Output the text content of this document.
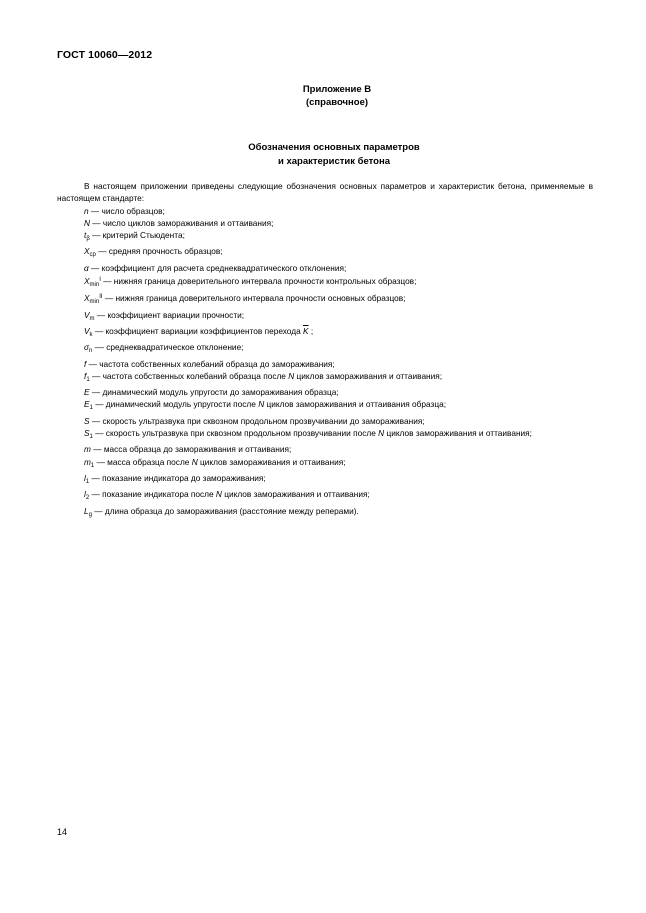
ГОСТ 10060—2012
Приложение В
(справочное)
Обозначения основных параметров
и характеристик бетона

В настоящем приложении приведены следующие обозначения основных параметров и характеристик бетона, применяемые в настоящем стандарте:

n — число образцов;
N — число циклов замораживания и оттаивания;
$t_\beta$ — критерий Стьюдента;
$X_{ср}$ — средняя прочность образцов;
α — коэффициент для расчета среднеквадратического отклонения;
$X_{min}^I$ — нижняя граница доверительного интервала прочности контрольных образцов;
$X_{min}^{II}$ — нижняя граница доверительного интервала прочности основных образцов;
$V_m$ — коэффициент вариации прочности;
$V_k$ — коэффициент вариации коэффициентов перехода $\overline{K}$ ;
$\sigma_n$ –– среднеквадратическое отклонение;
f — частота собственных колебаний образца до замораживания;
$f_1$ — частота собственных колебаний образца после N циклов замораживания и оттаивания;
E — динамический модуль упругости до замораживания образца;
$E_1$ — динамический модуль упругости после N циклов замораживания и оттаивания образца;
S — скорость ультразвука при сквозном продольном прозвучивании до замораживания;
$S_1$ — скорость ультразвука при сквозном продольном прозвучивании после N циклов замораживания и оттаивания;
m — масса образца до замораживания и оттаивания;
$m_1$ — масса образца после N циклов замораживания и оттаивания;
$l_1$ — показание индикатора до замораживания;
$l_2$ — показание индикатора после N циклов замораживания и оттаивания;
$L_g$ — длина образца до замораживания (расстояние между реперами).
14
